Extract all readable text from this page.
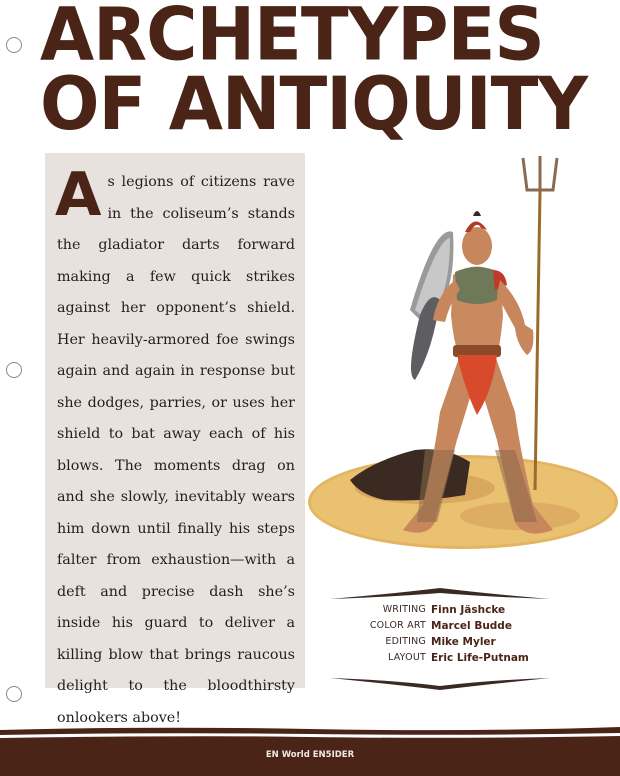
ARCHETYPES
OF ANTIQUITY

As legions of citizens rave in the coliseum’s stands the gladiator darts forward making a few quick strikes against her opponent’s shield. Her heavily-armored foe swings again and again in response but she dodges, parries, or uses her shield to bat away each of his blows. The moments drag on and she slowly, inevitably wears him down until finally his steps falter from exhaustion—with a deft and precise dash she’s inside his guard to deliver a killing blow that brings raucous delight to the bloodthirsty onlookers above!

WRITING Finn Jäshcke
COLOR ART Marcel Budde
EDITING Mike Myler
LAYOUT Eric Life-Putnam
EN World EN5IDER
